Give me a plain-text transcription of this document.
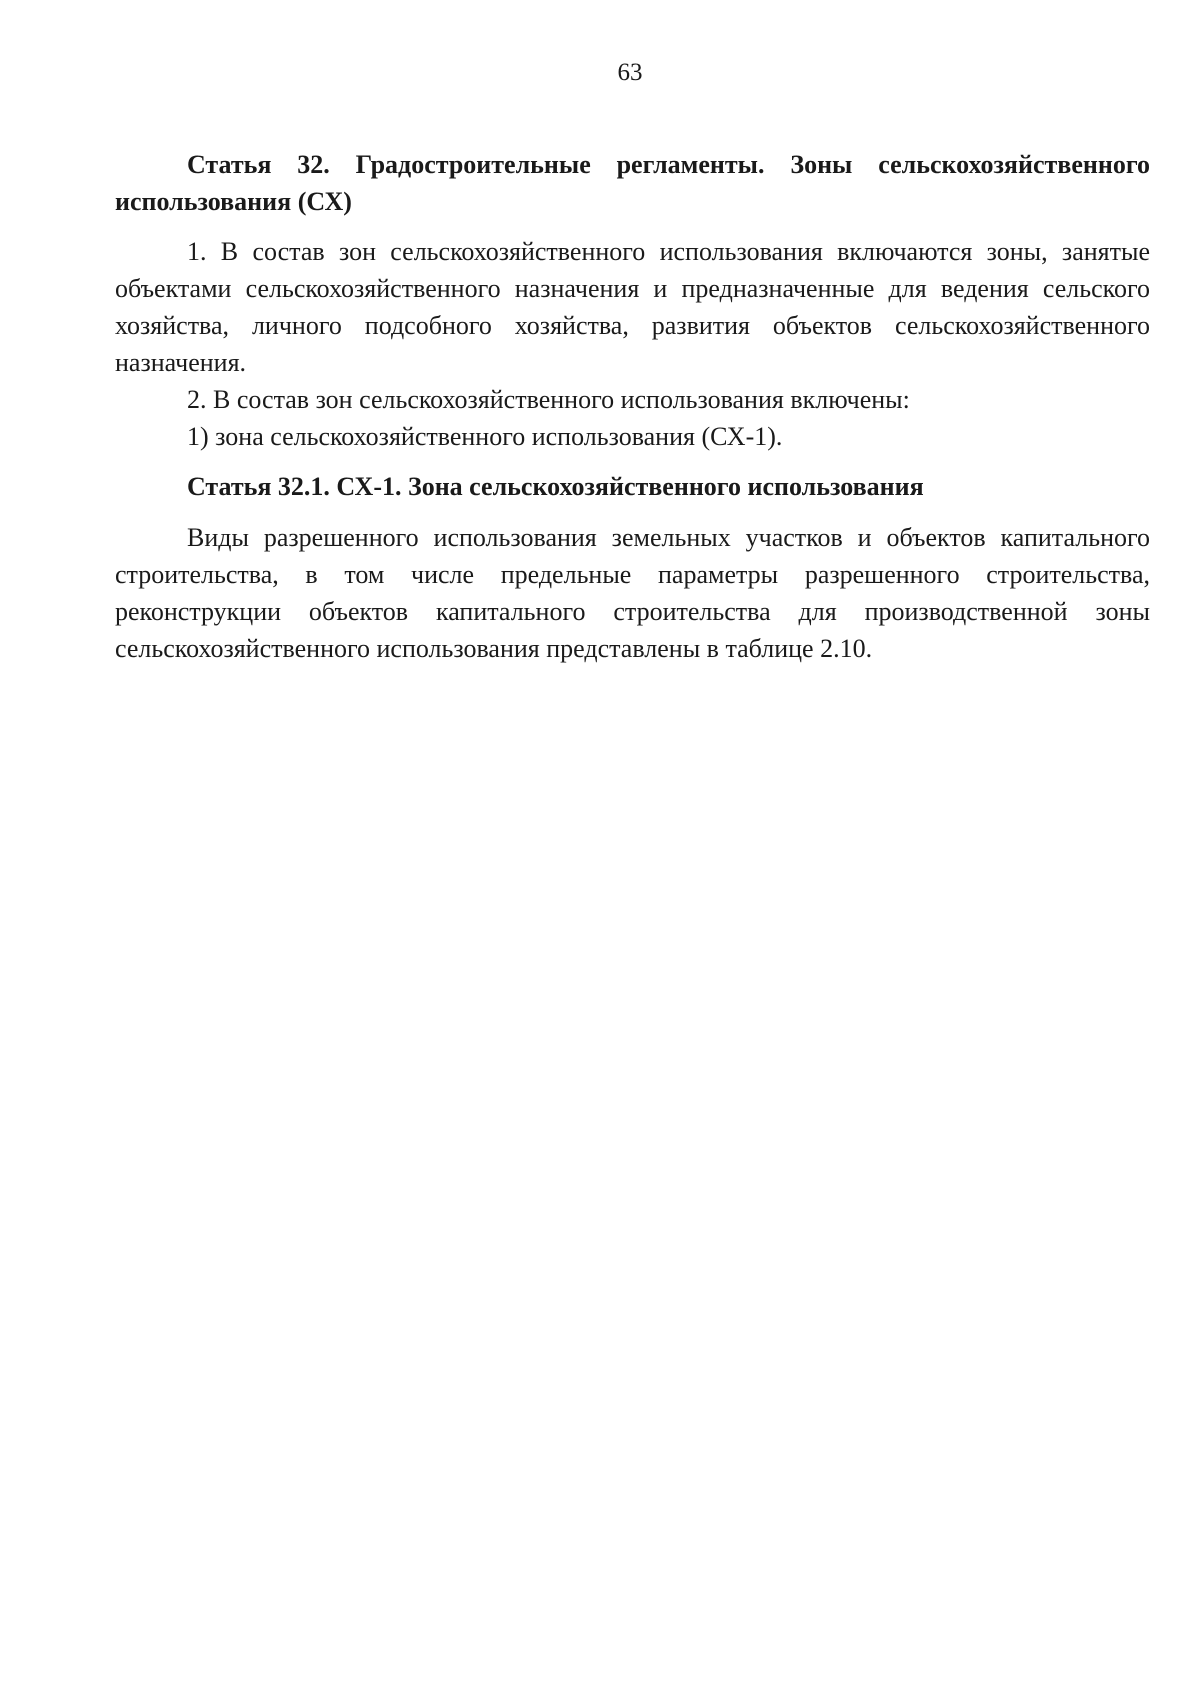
63

Статья 32. Градостроительные регламенты. Зоны сельскохозяйственного использования (СХ)

1. В состав зон сельскохозяйственного использования включаются зоны, занятые объектами сельскохозяйственного назначения и предназначенные для ведения сельского хозяйства, личного подсобного хозяйства, развития объектов сельскохозяйственного назначения.

2. В состав зон сельскохозяйственного использования включены:

1) зона сельскохозяйственного использования (СХ-1).

Статья 32.1. СХ-1. Зона сельскохозяйственного использования

Виды разрешенного использования земельных участков и объектов капитального строительства, в том числе предельные параметры разрешенного строительства, реконструкции объектов капитального строительства для производственной зоны сельскохозяйственного использования представлены в таблице 2.10.
